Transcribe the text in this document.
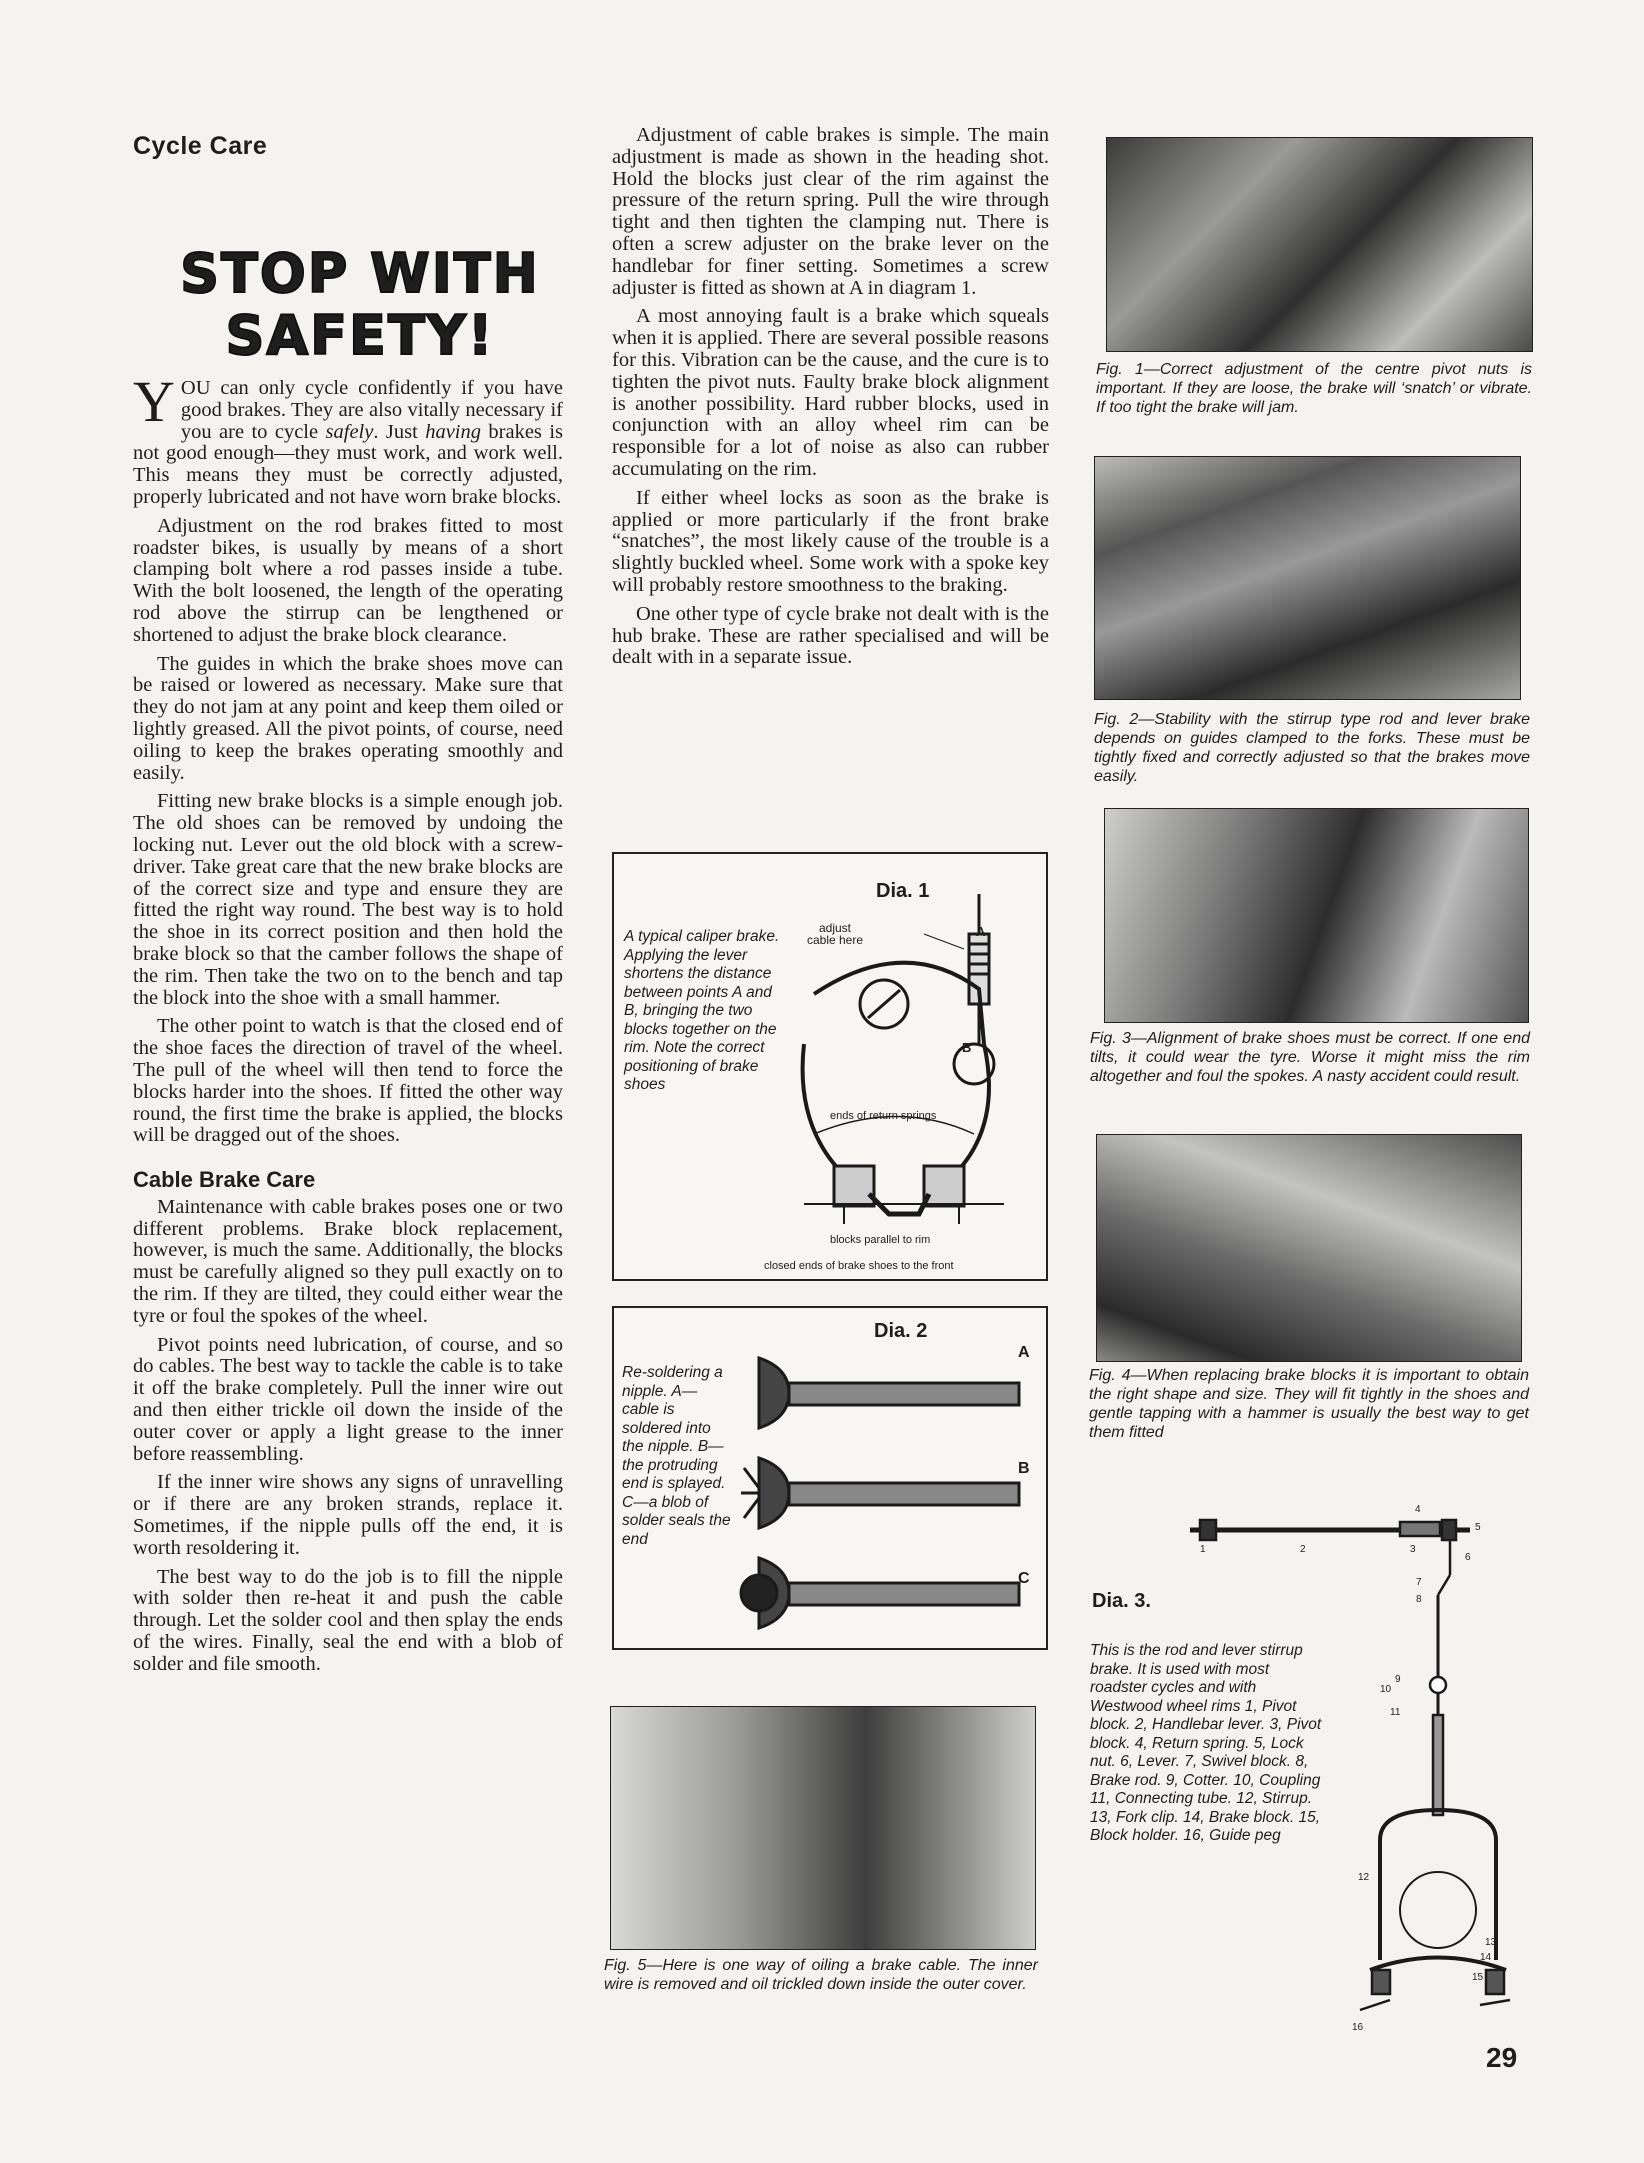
Cycle Care
STOP WITH
SAFETY!

YOU can only cycle confidently if you have good brakes. They are also vitally necessary if you are to cycle safely. Just having brakes is not good enough—they must work, and work well. This means they must be correctly adjusted, properly lubricated and not have worn brake blocks.

Adjustment on the rod brakes fitted to most roadster bikes, is usually by means of a short clamping bolt where a rod passes inside a tube. With the bolt loosened, the length of the operating rod above the stirrup can be lengthened or shortened to adjust the brake block clearance.

The guides in which the brake shoes move can be raised or lowered as necessary. Make sure that they do not jam at any point and keep them oiled or lightly greased. All the pivot points, of course, need oiling to keep the brakes operating smoothly and easily.

Fitting new brake blocks is a simple enough job. The old shoes can be removed by undoing the locking nut. Lever out the old block with a screw-driver. Take great care that the new brake blocks are of the correct size and type and ensure they are fitted the right way round. The best way is to hold the shoe in its correct position and then hold the brake block so that the camber follows the shape of the rim. Then take the two on to the bench and tap the block into the shoe with a small hammer.

The other point to watch is that the closed end of the shoe faces the direction of travel of the wheel. The pull of the wheel will then tend to force the blocks harder into the shoes. If fitted the other way round, the first time the brake is applied, the blocks will be dragged out of the shoes.

Cable Brake Care

Maintenance with cable brakes poses one or two different problems. Brake block replacement, however, is much the same. Additionally, the blocks must be carefully aligned so they pull exactly on to the rim. If they are tilted, they could either wear the tyre or foul the spokes of the wheel.

Pivot points need lubrication, of course, and so do cables. The best way to tackle the cable is to take it off the brake completely. Pull the inner wire out and then either trickle oil down the inside of the outer cover or apply a light grease to the inner before reassembling.

If the inner wire shows any signs of unravelling or if there are any broken strands, replace it. Sometimes, if the nipple pulls off the end, it is worth resoldering it.

The best way to do the job is to fill the nipple with solder then re-heat it and push the cable through. Let the solder cool and then splay the ends of the wires. Finally, seal the end with a blob of solder and file smooth.

Adjustment of cable brakes is simple. The main adjustment is made as shown in the heading shot. Hold the blocks just clear of the rim against the pressure of the return spring. Pull the wire through tight and then tighten the clamping nut. There is often a screw adjuster on the brake lever on the handlebar for finer setting. Sometimes a screw adjuster is fitted as shown at A in diagram 1.

A most annoying fault is a brake which squeals when it is applied. There are several possible reasons for this. Vibration can be the cause, and the cure is to tighten the pivot nuts. Faulty brake block alignment is another possibility. Hard rubber blocks, used in conjunction with an alloy wheel rim can be responsible for a lot of noise as also can rubber accumulating on the rim.

If either wheel locks as soon as the brake is applied or more particularly if the front brake “snatches”, the most likely cause of the trouble is a slightly buckled wheel. Some work with a spoke key will probably restore smoothness to the braking.

One other type of cycle brake not dealt with is the hub brake. These are rather specialised and will be dealt with in a separate issue.

Dia. 1
A typical caliper brake. Applying the lever shortens the distance between points A and B, bringing the two blocks together on the rim. Note the correct positioning of brake shoes
adjust
cable here
A
B
ends of return springs
blocks parallel to rim
closed ends of brake shoes to the front
Dia. 2
Re-soldering a nipple. A—cable is soldered into the nipple. B—the protruding end is splayed. C—a blob of solder seals the end
A
B
C
Fig. 5—Here is one way of oiling a brake cable. The inner wire is removed and oil trickled down inside the outer cover.
Fig. 1—Correct adjustment of the centre pivot nuts is important. If they are loose, the brake will ‘snatch’ or vibrate. If too tight the brake will jam.
Fig. 2—Stability with the stirrup type rod and lever brake depends on guides clamped to the forks. These must be tightly fixed and correctly adjusted so that the brakes move easily.
Fig. 3—Alignment of brake shoes must be correct. If one end tilts, it could wear the tyre. Worse it might miss the rim altogether and foul the spokes. A nasty accident could result.
Fig. 4—When replacing brake blocks it is important to obtain the right shape and size. They will fit tightly in the shoes and gentle tapping with a hammer is usually the best way to get them fitted
Dia. 3.
This is the rod and lever stirrup brake. It is used with most roadster cycles and with Westwood wheel rims 1, Pivot block. 2, Handlebar lever. 3, Pivot block. 4, Return spring. 5, Lock nut. 6, Lever. 7, Swivel block. 8, Brake rod. 9, Cotter. 10, Coupling 11, Connecting tube. 12, Stirrup. 13, Fork clip. 14, Brake block. 15, Block holder. 16, Guide peg
1	2	3
4
5
6
7
8
9
10
11
12
13
14
15
16
29
